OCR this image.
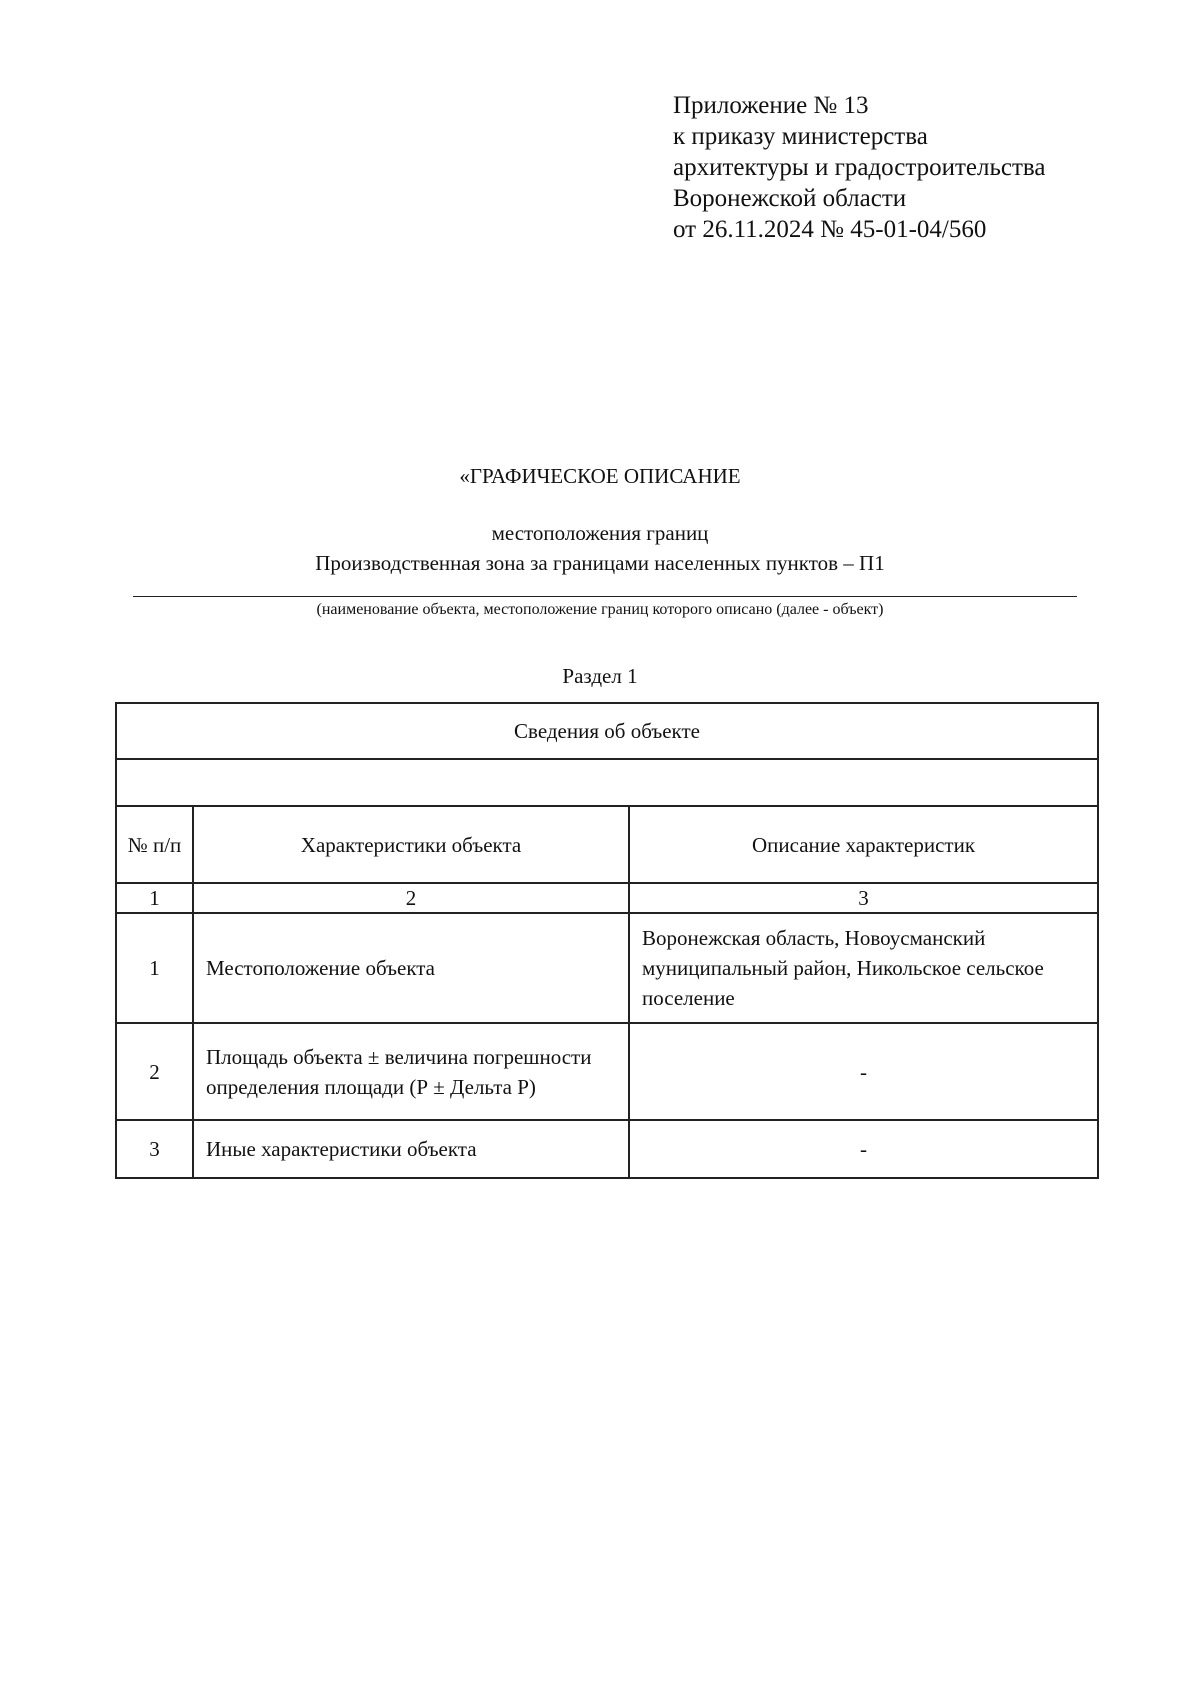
Приложение № 13
к приказу министерства
архитектуры и градостроительства
Воронежской области
от 26.11.2024 № 45-01-04/560
«ГРАФИЧЕСКОЕ ОПИСАНИЕ
местоположения границ
Производственная зона за границами населенных пунктов – П1
(наименование объекта, местоположение границ которого описано (далее - объект)
Раздел 1
Сведения об объекте		

№ п/п	Характеристики объекта	Описание характеристик
1	2	3
1	Местоположение объекта	Воронежская область, Новоусманский муниципальный район, Никольское сельское поселение
2	Площадь объекта ± величина погрешности определения площади (Р ± Дельта Р)	-
3	Иные характеристики объекта	-
